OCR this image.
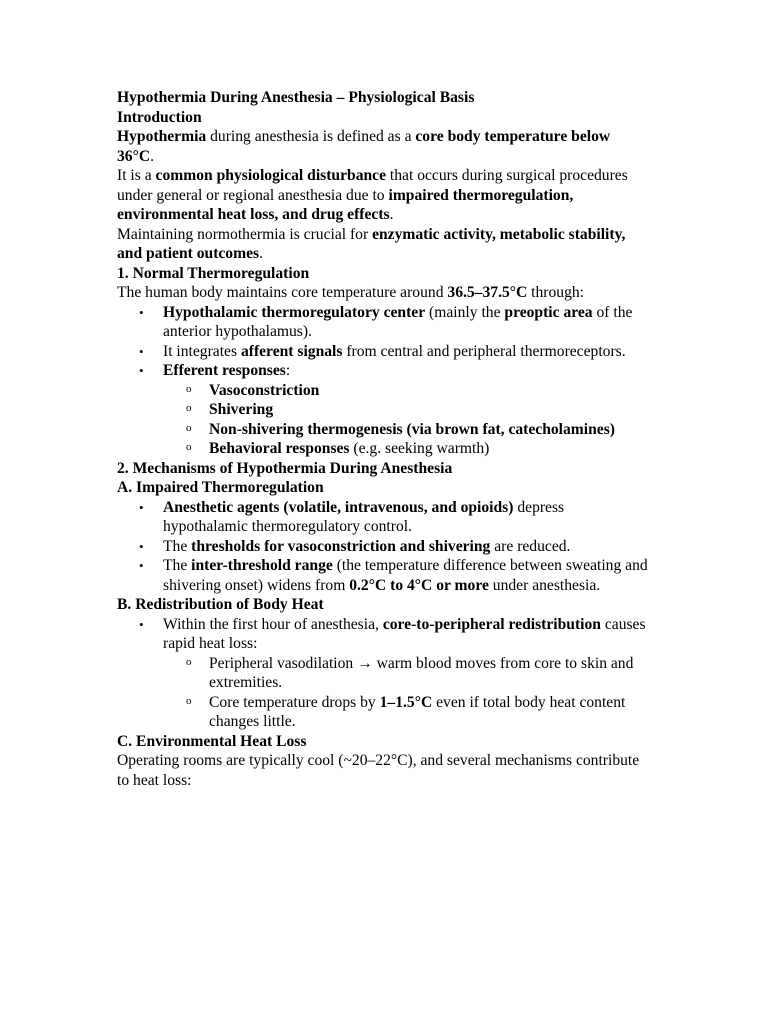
Hypothermia During Anesthesia – Physiological Basis

Introduction

Hypothermia during anesthesia is defined as a core body temperature below 36°C.

It is a common physiological disturbance that occurs during surgical procedures under general or regional anesthesia due to impaired thermoregulation, environmental heat loss, and drug effects.

Maintaining normothermia is crucial for enzymatic activity, metabolic stability, and patient outcomes.

1. Normal Thermoregulation

The human body maintains core temperature around 36.5–37.5°C through:

• Hypothalamic thermoregulatory center (mainly the preoptic area of the anterior hypothalamus).
• It integrates afferent signals from central and peripheral thermoreceptors.
• Efferent responses:
o Vasoconstriction
o Shivering
o Non-shivering thermogenesis (via brown fat, catecholamines)
o Behavioral responses (e.g. seeking warmth)

2. Mechanisms of Hypothermia During Anesthesia

A. Impaired Thermoregulation

• Anesthetic agents (volatile, intravenous, and opioids) depress hypothalamic thermoregulatory control.
• The thresholds for vasoconstriction and shivering are reduced.
• The inter-threshold range (the temperature difference between sweating and shivering onset) widens from 0.2°C to 4°C or more under anesthesia.

B. Redistribution of Body Heat

• Within the first hour of anesthesia, core-to-peripheral redistribution causes rapid heat loss:
o Peripheral vasodilation → warm blood moves from core to skin and extremities.
o Core temperature drops by 1–1.5°C even if total body heat content changes little.

C. Environmental Heat Loss

Operating rooms are typically cool (~20–22°C), and several mechanisms contribute to heat loss:
